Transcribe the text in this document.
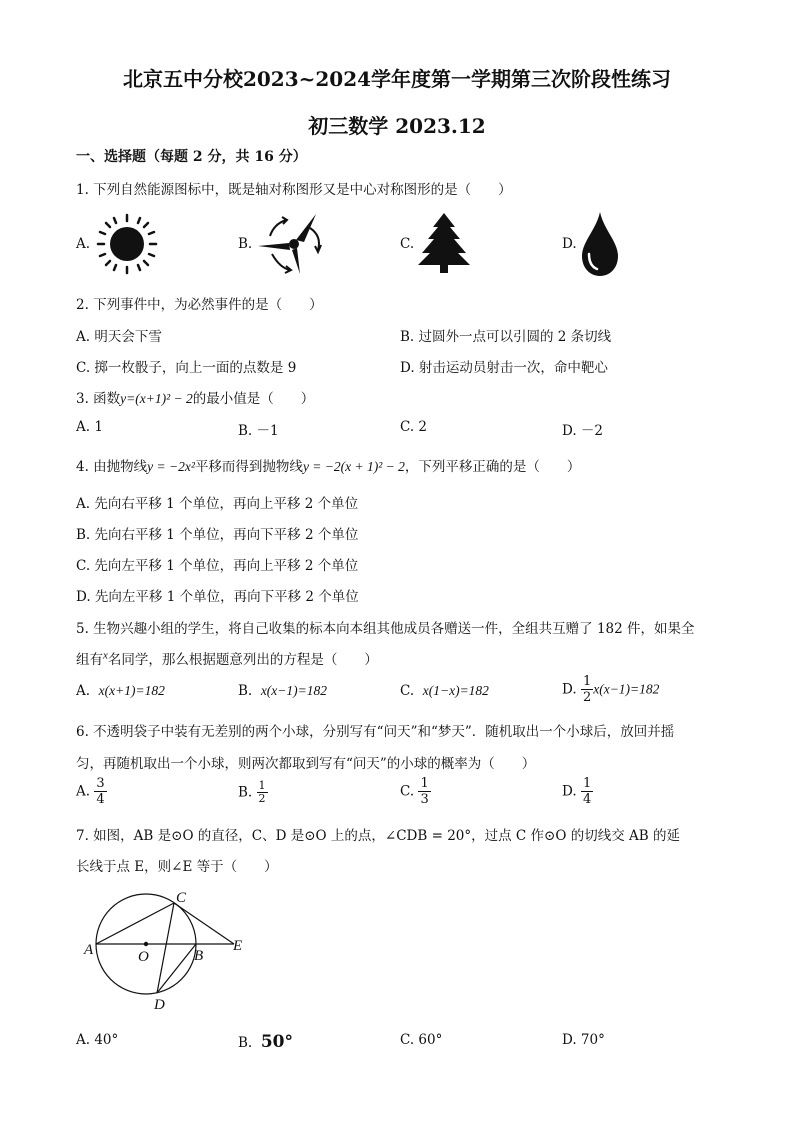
北京五中分校2023~2024学年度第一学期第三次阶段性练习
初三数学 2023.12
一、选择题（每题 2 分，共 16 分）
1. 下列自然能源图标中，既是轴对称图形又是中心对称图形的是（　　）
A.	B.	C.	D.
2. 下列事件中，为必然事件的是（　　）
A. 明天会下雪	B. 过圆外一点可以引圆的 2 条切线
C. 掷一枚骰子，向上一面的点数是 9	D. 射击运动员射击一次，命中靶心
3. 函数y=(x+1)² − 2的最小值是（　　）
A. 1	B. －1	C. 2	D. －2
4. 由抛物线y = −2x²平移而得到抛物线y = −2(x + 1)² − 2，下列平移正确的是（　　）
A. 先向右平移 1 个单位，再向上平移 2 个单位
B. 先向右平移 1 个单位，再向下平移 2 个单位
C. 先向左平移 1 个单位，再向上平移 2 个单位
D. 先向左平移 1 个单位，再向下平移 2 个单位
5. 生物兴趣小组的学生，将自己收集的标本向本组其他成员各赠送一件，全组共互赠了 182 件，如果全
组有$^x$名同学，那么根据题意列出的方程是（　　）
A. x(x+1)=182	B. x(x−1)=182	C. x(1−x)=182	D. $\frac{1}{2} x(x-1)=182$
6. 不透明袋子中装有无差别的两个小球，分别写有“问天”和“梦天”．随机取出一个小球后，放回并摇
匀，再随机取出一个小球，则两次都取到写有“问天”的小球的概率为（　　）
A. $\frac{3}{4}$	B. $\frac{1}{2}$	C. $\frac{1}{3}$	D. $\frac{1}{4}$
7. 如图，AB 是⊙O 的直径，C、D 是⊙O 上的点，∠CDB = 20°，过点 C 作⊙O 的切线交 AB 的延
长线于点 E，则∠E 等于（　　）
A
C
O	B
E
D
A. 40°	B. 50°	C. 60°	D. 70°
